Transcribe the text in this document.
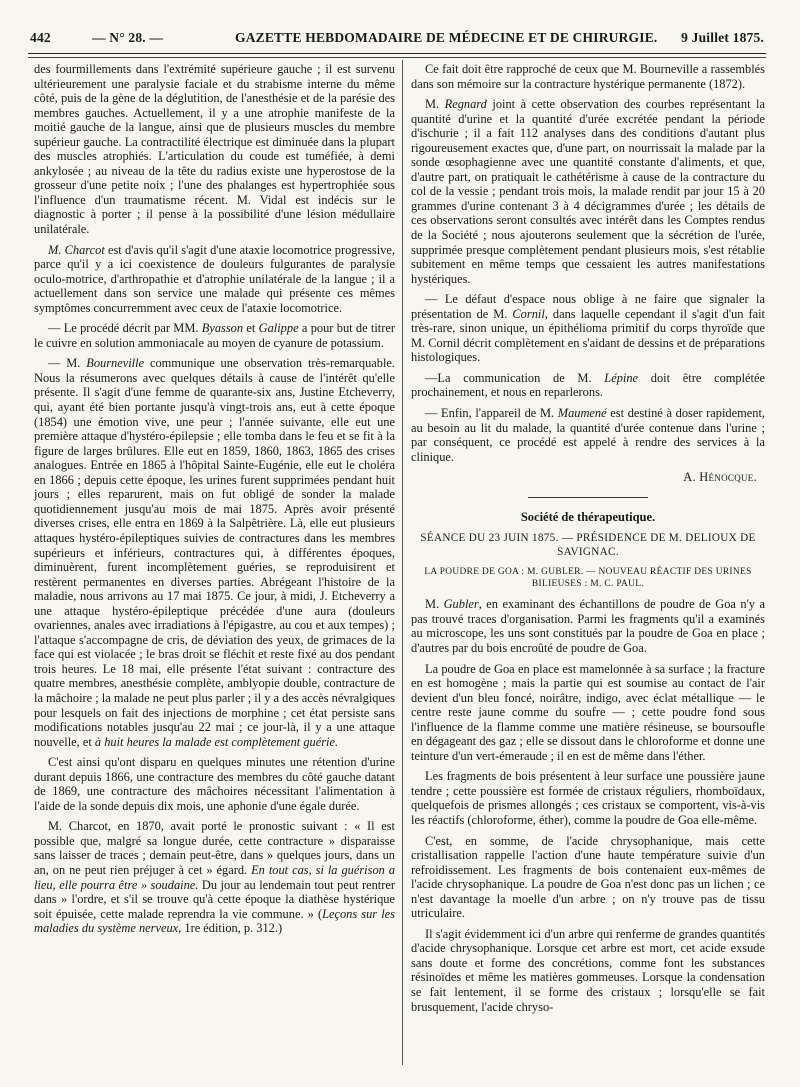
442	— N° 28. —	GAZETTE HEBDOMADAIRE DE MÉDECINE ET DE CHIRURGIE. 9 Juillet 1875.

des fourmillements dans l'extrémité supérieure gauche ; il est survenu ultérieurement une paralysie faciale et du strabisme interne du même côté, puis de la gène de la déglutition, de l'anesthésie et de la parésie des membres gauches. Actuellement, il y a une atrophie manifeste de la moitié gauche de la langue, ainsi que de plusieurs muscles du membre supérieur gauche. La contractilité électrique est diminuée dans la plupart des muscles atrophiés. L'articulation du coude est tuméfiée, à demi ankylosée ; au niveau de la tête du radius existe une hyperostose de la grosseur d'une petite noix ; l'une des phalanges est hypertrophiée sous l'influence d'un traumatisme récent. M. Vidal est indécis sur le diagnostic à porter ; il pense à la possibilité d'une lésion médullaire unilatérale.

M. Charcot est d'avis qu'il s'agit d'une ataxie locomotrice progressive, parce qu'il y a ici coexistence de douleurs fulgurantes de paralysie oculo-motrice, d'arthropathie et d'atrophie unilatérale de la langue ; il a actuellement dans son service une malade qui présente ces mêmes symptômes concurremment avec ceux de l'ataxie locomotrice.

— Le procédé décrit par MM. Byasson et Galippe a pour but de titrer le cuivre en solution ammoniacale au moyen de cyanure de potassium.

— M. Bourneville communique une observation très-remarquable. Nous la résumerons avec quelques détails à cause de l'intérêt qu'elle présente. Il s'agit d'une femme de quarante-six ans, Justine Etcheverry, qui, ayant été bien portante jusqu'à vingt-trois ans, eut à cette époque (1854) une émotion vive, une peur ; l'année suivante, elle eut une première attaque d'hystéro-épilepsie ; elle tomba dans le feu et se fit à la figure de larges brûlures. Elle eut en 1859, 1860, 1863, 1865 des crises analogues. Entrée en 1865 à l'hôpital Sainte-Eugénie, elle eut le choléra en 1866 ; depuis cette époque, les urines furent supprimées pendant huit jours ; elles reparurent, mais on fut obligé de sonder la malade quotidiennement jusqu'au mois de mai 1875. Après avoir présenté diverses crises, elle entra en 1869 à la Salpêtrière. Là, elle eut plusieurs attaques hystéro-épileptiques suivies de contractures dans les membres supérieurs et inférieurs, contractures qui, à différentes époques, diminuèrent, furent incomplètement guéries, se reproduisirent et restèrent permanentes en diverses parties. Abrégeant l'histoire de la maladie, nous arrivons au 17 mai 1875. Ce jour, à midi, J. Etcheverry a une attaque hystéro-épileptique précédée d'une aura (douleurs ovariennes, anales avec irradiations à l'épigastre, au cou et aux tempes) ; l'attaque s'accompagne de cris, de déviation des yeux, de grimaces de la face qui est violacée ; le bras droit se fléchit et reste fixé au dos pendant trois heures. Le 18 mai, elle présente l'état suivant : contracture des quatre membres, anesthésie complète, amblyopie double, contracture de la mâchoire ; la malade ne peut plus parler ; il y a des accès névralgiques pour lesquels on fait des injections de morphine ; cet état persiste sans modifications notables jusqu'au 22 mai ; ce jour-là, il y a une attaque nouvelle, et à huit heures la malade est complètement guérie.

C'est ainsi qu'ont disparu en quelques minutes une rétention d'urine durant depuis 1866, une contracture des membres du côté gauche datant de 1869, une contracture des mâchoires nécessitant l'alimentation à l'aide de la sonde depuis dix mois, une aphonie d'une égale durée.

M. Charcot, en 1870, avait porté le pronostic suivant : « Il est possible que, malgré sa longue durée, cette contracture » disparaisse sans laisser de traces ; demain peut-être, dans » quelques jours, dans un an, on ne peut rien préjuger à cet » égard. En tout cas, si la guérison a lieu, elle pourra être » soudaine. Du jour au lendemain tout peut rentrer dans » l'ordre, et s'il se trouve qu'à cette époque la diathèse hystérique soit épuisée, cette malade reprendra la vie commune. » (Leçons sur les maladies du système nerveux, 1re édition, p. 312.)

Ce fait doit être rapproché de ceux que M. Bourneville a rassemblés dans son mémoire sur la contracture hystérique permanente (1872).

M. Regnard joint à cette observation des courbes représentant la quantité d'urine et la quantité d'urée excrétée pendant la période d'ischurie ; il a fait 112 analyses dans des conditions d'autant plus rigoureusement exactes que, d'une part, on nourrissait la malade par la sonde œsophagienne avec une quantité constante d'aliments, et que, d'autre part, on pratiquait le cathétérisme à cause de la contracture du col de la vessie ; pendant trois mois, la malade rendit par jour 15 à 20 grammes d'urine contenant 3 à 4 décigrammes d'urée ; les détails de ces observations seront consultés avec intérêt dans les Comptes rendus de la Société ; nous ajouterons seulement que la sécrétion de l'urée, supprimée presque complètement pendant plusieurs mois, s'est rétablie subitement en même temps que cessaient les autres manifestations hystériques.

— Le défaut d'espace nous oblige à ne faire que signaler la présentation de M. Cornil, dans laquelle cependant il s'agit d'un fait très-rare, sinon unique, un épithélioma primitif du corps thyroïde que M. Cornil décrit complètement en s'aidant de dessins et de préparations histologiques.

—La communication de M. Lépine doit être complétée prochainement, et nous en reparlerons.

— Enfin, l'appareil de M. Maumené est destiné à doser rapidement, au besoin au lit du malade, la quantité d'urée contenue dans l'urine ; par conséquent, ce procédé est appelé à rendre des services à la clinique.

A. Hénocque.
Société de thérapeutique.
SÉANCE DU 23 JUIN 1875. — PRÉSIDENCE DE M. DELIOUX DE SAVIGNAC.
LA POUDRE DE GOA : M. GUBLER. — NOUVEAU RÉACTIF DES URINES BILIEUSES : M. C. PAUL.

M. Gubler, en examinant des échantillons de poudre de Goa n'y a pas trouvé traces d'organisation. Parmi les fragments qu'il a examinés au microscope, les uns sont constitués par la poudre de Goa en place ; d'autres par du bois encroûté de poudre de Goa.

La poudre de Goa en place est mamelonnée à sa surface ; la fracture en est homogène ; mais la partie qui est soumise au contact de l'air devient d'un bleu foncé, noirâtre, indigo, avec éclat métallique — le centre reste jaune comme du soufre — ; cette poudre fond sous l'influence de la flamme comme une matière résineuse, se boursoufle en dégageant des gaz ; elle se dissout dans le chloroforme et donne une teinture d'un vert-émeraude ; il en est de même dans l'éther.

Les fragments de bois présentent à leur surface une poussière jaune tendre ; cette poussière est formée de cristaux réguliers, rhomboïdaux, quelquefois de prismes allongés ; ces cristaux se comportent, vis-à-vis les réactifs (chloroforme, éther), comme la poudre de Goa elle-même.

C'est, en somme, de l'acide chrysophanique, mais cette cristallisation rappelle l'action d'une haute température suivie d'un refroidissement. Les fragments de bois contenaient eux-mêmes de l'acide chrysophanique. La poudre de Goa n'est donc pas un lichen ; ce n'est davantage la moelle d'un arbre ; on n'y trouve pas de tissu utriculaire.

Il s'agit évidemment ici d'un arbre qui renferme de grandes quantités d'acide chrysophanique. Lorsque cet arbre est mort, cet acide exsude sans doute et forme des concrétions, comme font les substances résinoïdes et même les matières gommeuses. Lorsque la condensation se fait lentement, il se forme des cristaux ; lorsqu'elle se fait brusquement, l'acide chryso-
